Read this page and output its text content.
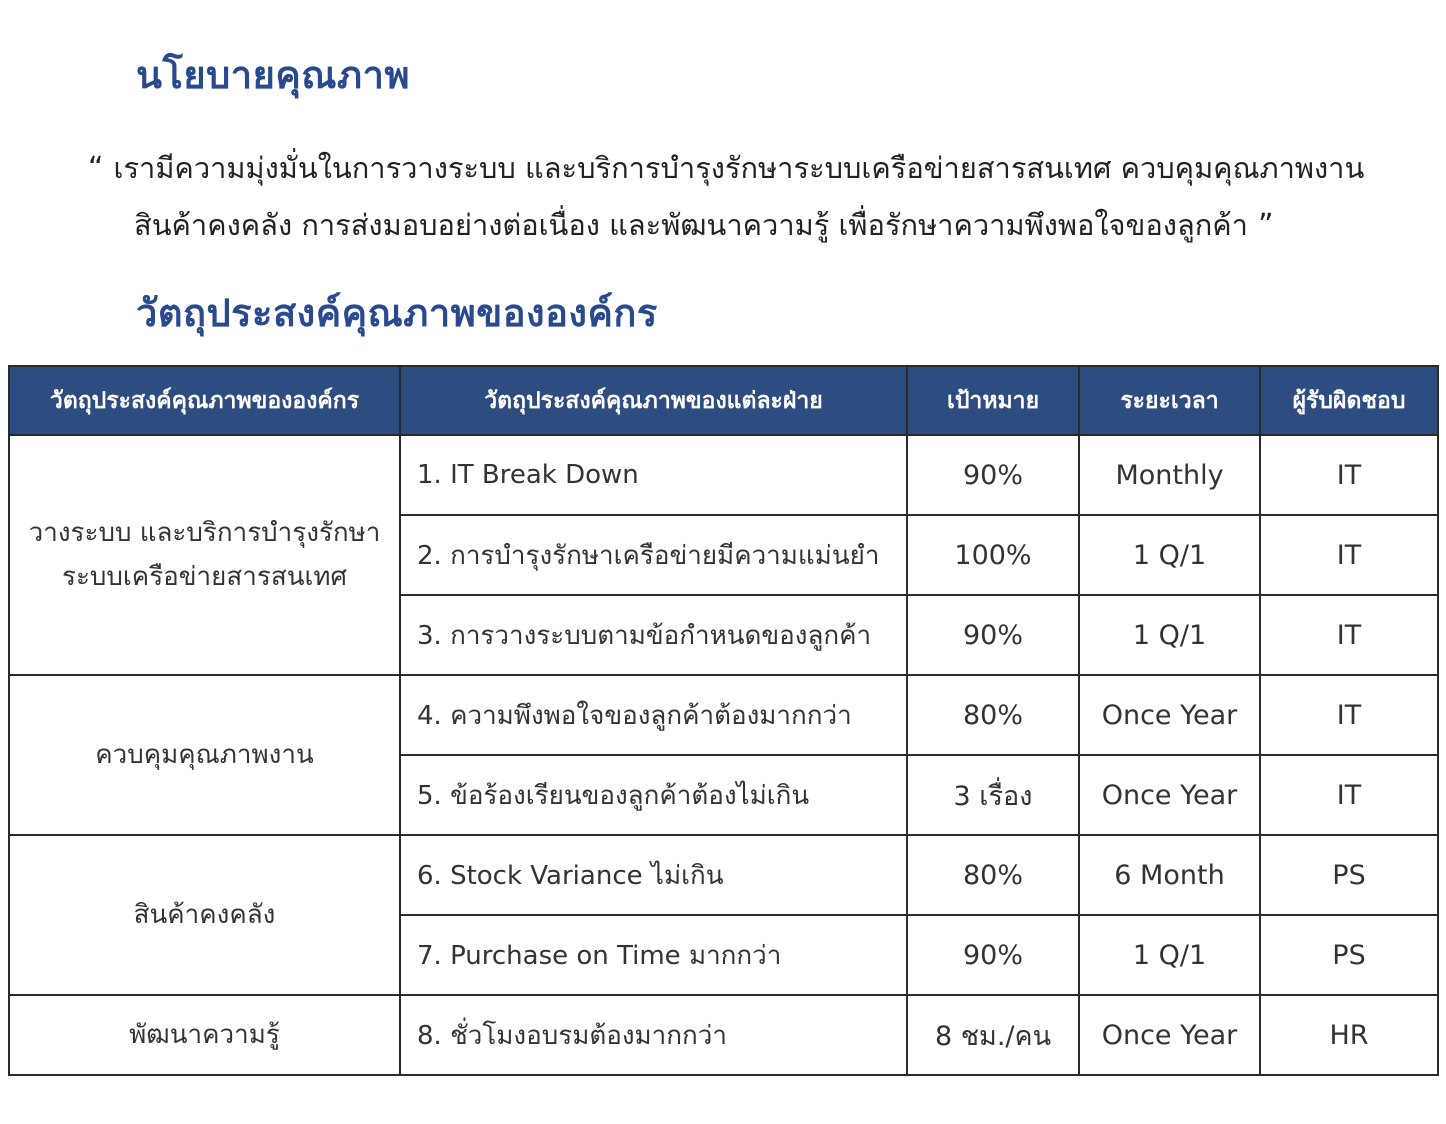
นโยบายคุณภาพ
“ เรามีความมุ่งมั่นในการวางระบบ และบริการบำรุงรักษาระบบเครือข่ายสารสนเทศ ควบคุมคุณภาพงาน
สินค้าคงคลัง การส่งมอบอย่างต่อเนื่อง และพัฒนาความรู้ เพื่อรักษาความพึงพอใจของลูกค้า ”
วัตถุประสงค์คุณภาพขององค์กร
วัตถุประสงค์คุณภาพขององค์กร	วัตถุประสงค์คุณภาพของแต่ละฝ่าย	เป้าหมาย	ระยะเวลา	ผู้รับผิดชอบ
วางระบบ และบริการบำรุงรักษา ระบบเครือข่ายสารสนเทศ	1. IT Break Down	90%	Monthly	IT
	2. การบำรุงรักษาเครือข่ายมีความแม่นยำ	100%	1 Q/1	IT
	3. การวางระบบตามข้อกำหนดของลูกค้า	90%	1 Q/1	IT
ควบคุมคุณภาพงาน	4. ความพึงพอใจของลูกค้าต้องมากกว่า	80%	Once Year	IT
	5. ข้อร้องเรียนของลูกค้าต้องไม่เกิน	3 เรื่อง	Once Year	IT
สินค้าคงคลัง	6. Stock Variance ไม่เกิน	80%	6 Month	PS
	7. Purchase on Time มากกว่า	90%	1 Q/1	PS
พัฒนาความรู้	8. ชั่วโมงอบรมต้องมากกว่า	8 ชม./คน	Once Year	HR
